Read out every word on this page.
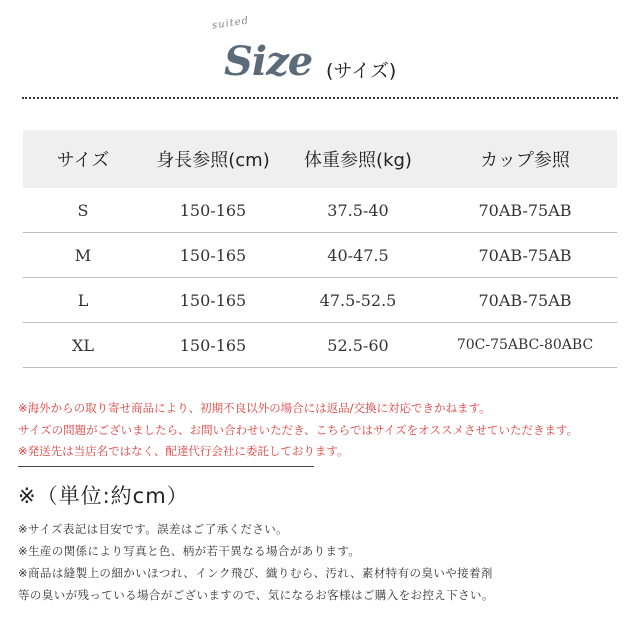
suited
Size (サイズ)
サイズ	身長参照(cm)	体重参照(kg)	カップ参照
S	150-165	37.5-40	70AB-75AB
M	150-165	40-47.5	70AB-75AB
L	150-165	47.5-52.5	70AB-75AB
XL	150-165	52.5-60	70C-75ABC-80ABC
※海外からの取り寄せ商品により、初期不良以外の場合には返品/交換に対応できかねます。
サイズの問題がございましたら、お問い合わせいただき、こちらではサイズをオススメさせていただきます。
※発送先は当店名ではなく、配達代行会社に委託しております。
※（単位:約cm）
※サイズ表記は目安です。誤差はご了承ください。
※生産の関係により写真と色、柄が若干異なる場合があります。
※商品は縫製上の細かいほつれ、インク飛び、織りむら、汚れ、素材特有の臭いや接着剤
等の臭いが残っている場合がございますので、気になるお客様はご購入をお控え下さい。
